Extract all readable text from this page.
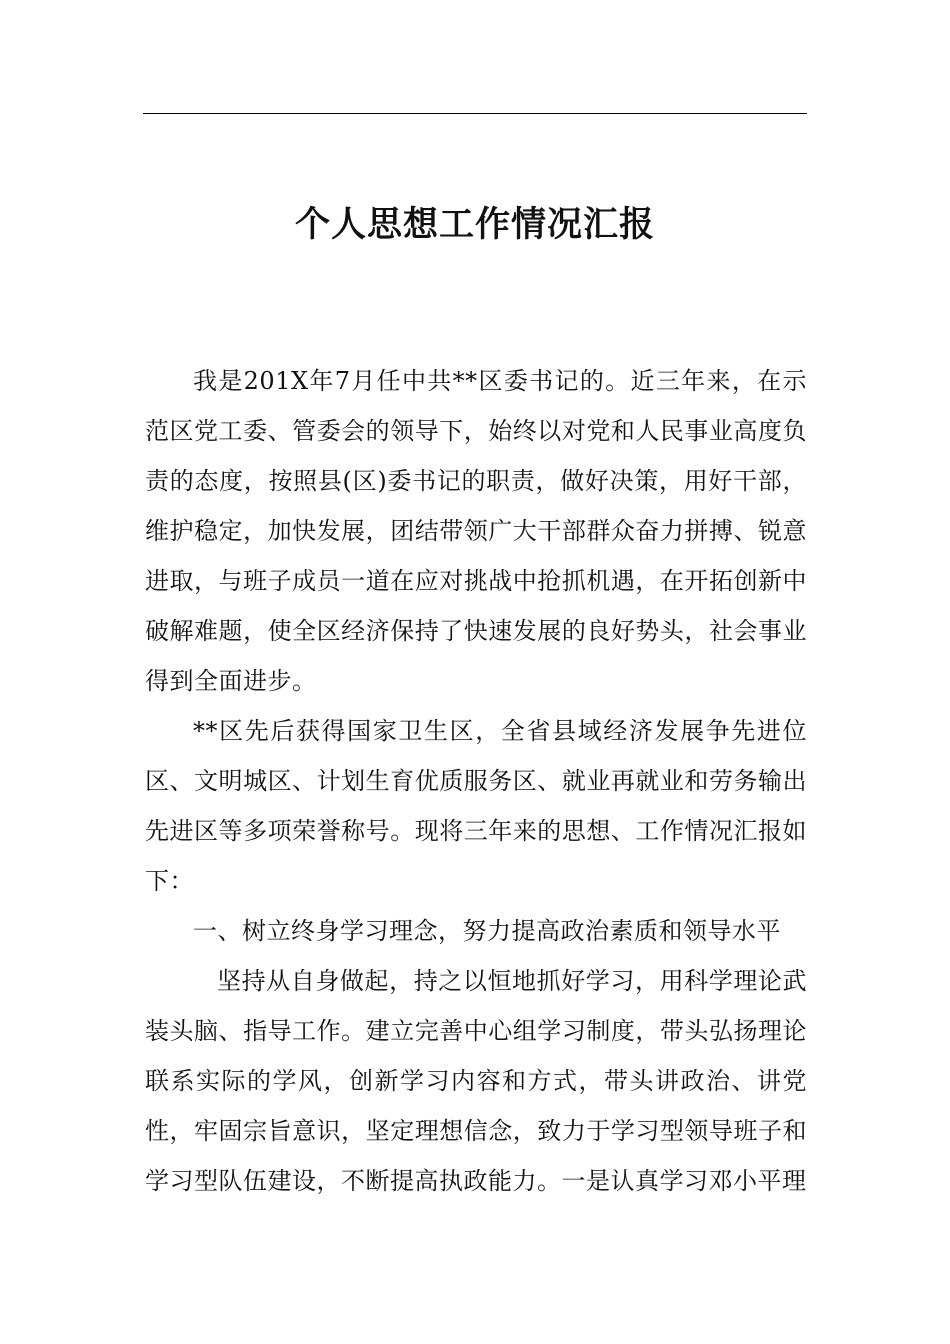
个人思想工作情况汇报

我是201X年7月任中共**区委书记的。近三年来，在示范区党工委、管委会的领导下，始终以对党和人民事业高度负责的态度，按照县(区)委书记的职责，做好决策，用好干部，维护稳定，加快发展，团结带领广大干部群众奋力拼搏、锐意进取，与班子成员一道在应对挑战中抢抓机遇，在开拓创新中破解难题，使全区经济保持了快速发展的良好势头，社会事业得到全面进步。

**区先后获得国家卫生区，全省县域经济发展争先进位区、文明城区、计划生育优质服务区、就业再就业和劳务输出先进区等多项荣誉称号。现将三年来的思想、工作情况汇报如下：

一、树立终身学习理念，努力提高政治素质和领导水平

坚持从自身做起，持之以恒地抓好学习，用科学理论武装头脑、指导工作。建立完善中心组学习制度，带头弘扬理论联系实际的学风，创新学习内容和方式，带头讲政治、讲党性，牢固宗旨意识，坚定理想信念，致力于学习型领导班子和学习型队伍建设，不断提高执政能力。一是认真学习邓小平理
